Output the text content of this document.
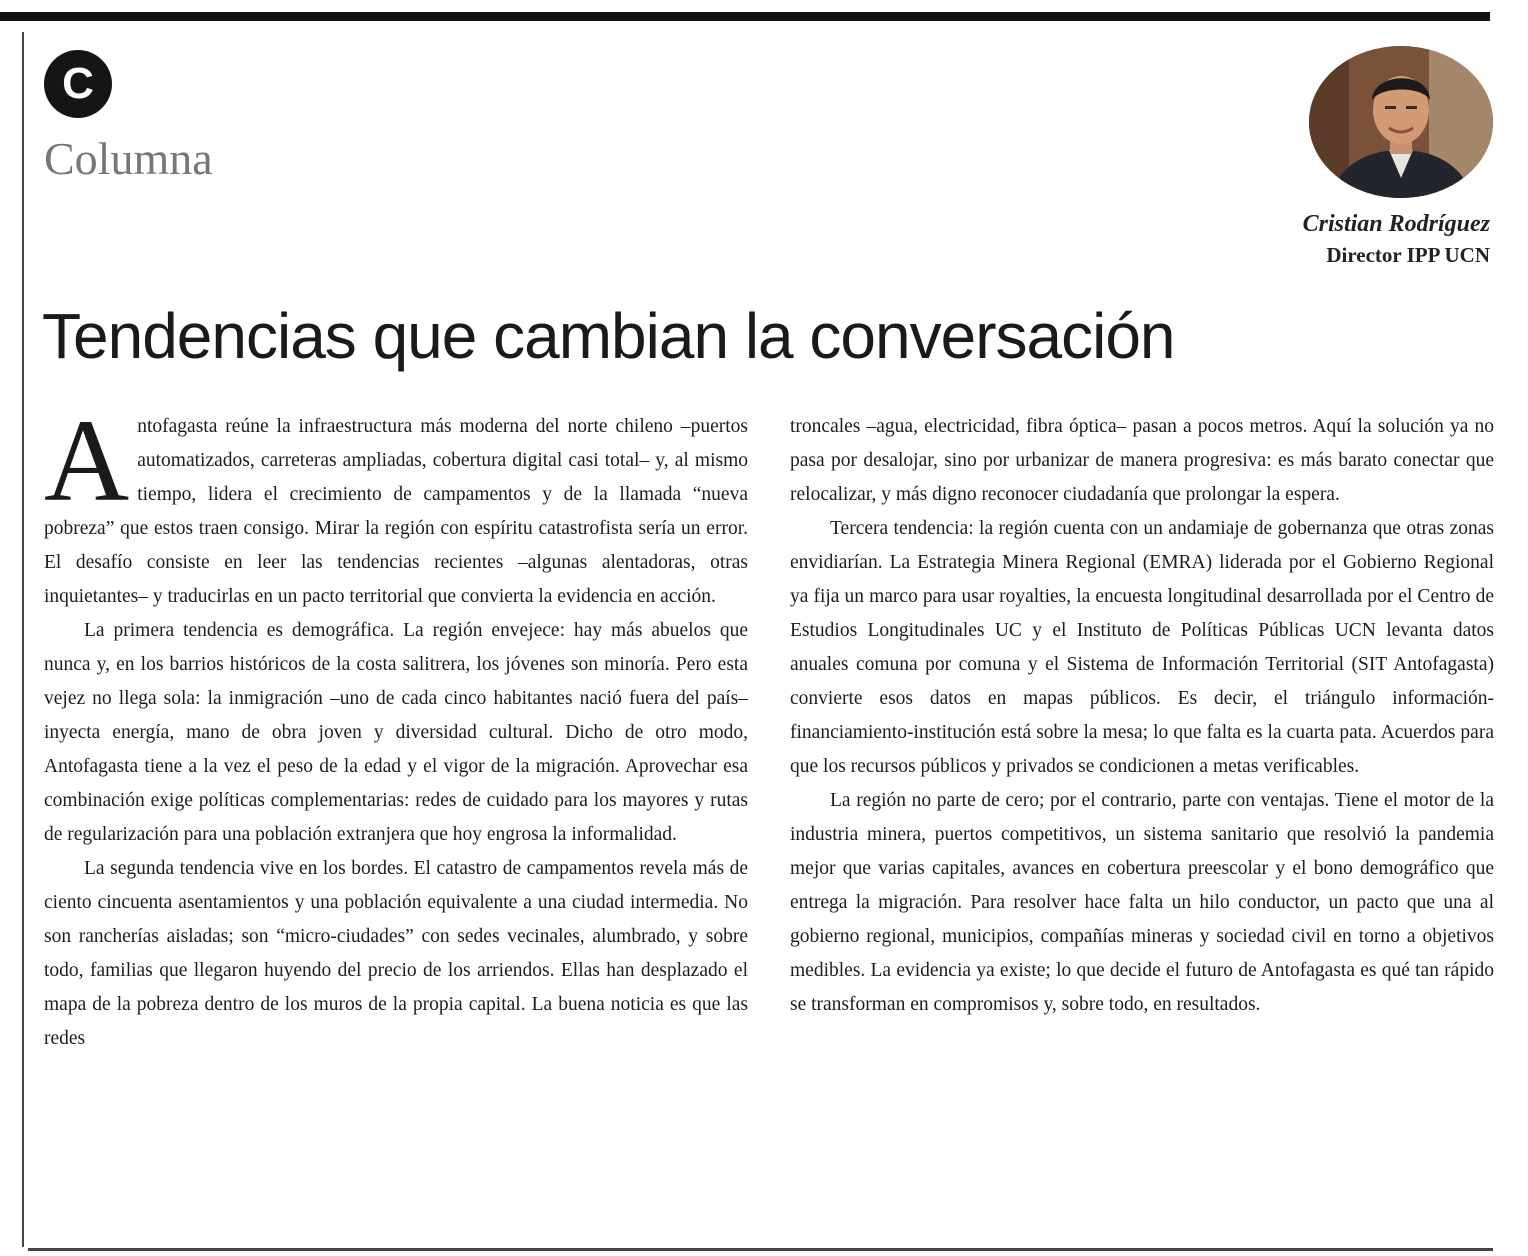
C
Columna
Cristian Rodríguez
Director IPP UCN
Tendencias que cambian la conversación

Antofagasta reúne la infraestructura más moderna del norte chileno –puertos automatizados, carreteras ampliadas, cobertura digital casi total– y, al mismo tiempo, lidera el crecimiento de campamentos y de la llamada “nueva pobreza” que estos traen consigo. Mirar la región con espíritu catastrofista sería un error. El desafío consiste en leer las tendencias recientes –algunas alentadoras, otras inquietantes– y traducirlas en un pacto territorial que convierta la evidencia en acción.

La primera tendencia es demográfica. La región envejece: hay más abuelos que nunca y, en los barrios históricos de la costa salitrera, los jóvenes son minoría. Pero esta vejez no llega sola: la inmigración –uno de cada cinco habitantes nació fuera del país– inyecta energía, mano de obra joven y diversidad cultural. Dicho de otro modo, Antofagasta tiene a la vez el peso de la edad y el vigor de la migración. Aprovechar esa combinación exige políticas complementarias: redes de cuidado para los mayores y rutas de regularización para una población extranjera que hoy engrosa la informalidad.

La segunda tendencia vive en los bordes. El catastro de campamentos revela más de ciento cincuenta asentamientos y una población equivalente a una ciudad intermedia. No son rancherías aisladas; son “micro-ciudades” con sedes vecinales, alumbrado, y sobre todo, familias que llegaron huyendo del precio de los arriendos. Ellas han desplazado el mapa de la pobreza dentro de los muros de la propia capital. La buena noticia es que las redes

troncales –agua, electricidad, fibra óptica– pasan a pocos metros. Aquí la solución ya no pasa por desalojar, sino por urbanizar de manera progresiva: es más barato conectar que relocalizar, y más digno reconocer ciudadanía que prolongar la espera.

Tercera tendencia: la región cuenta con un andamiaje de gobernanza que otras zonas envidiarían. La Estrategia Minera Regional (EMRA) liderada por el Gobierno Regional ya fija un marco para usar royalties, la encuesta longitudinal desarrollada por el Centro de Estudios Longitudinales UC y el Instituto de Políticas Públicas UCN levanta datos anuales comuna por comuna y el Sistema de Información Territorial (SIT Antofagasta) convierte esos datos en mapas públicos. Es decir, el triángulo información-financiamiento-institución está sobre la mesa; lo que falta es la cuarta pata. Acuerdos para que los recursos públicos y privados se condicionen a metas verificables.

La región no parte de cero; por el contrario, parte con ventajas. Tiene el motor de la industria minera, puertos competitivos, un sistema sanitario que resolvió la pandemia mejor que varias capitales, avances en cobertura preescolar y el bono demográfico que entrega la migración. Para resolver hace falta un hilo conductor, un pacto que una al gobierno regional, municipios, compañías mineras y sociedad civil en torno a objetivos medibles. La evidencia ya existe; lo que decide el futuro de Antofagasta es qué tan rápido se transforman en compromisos y, sobre todo, en resultados.
